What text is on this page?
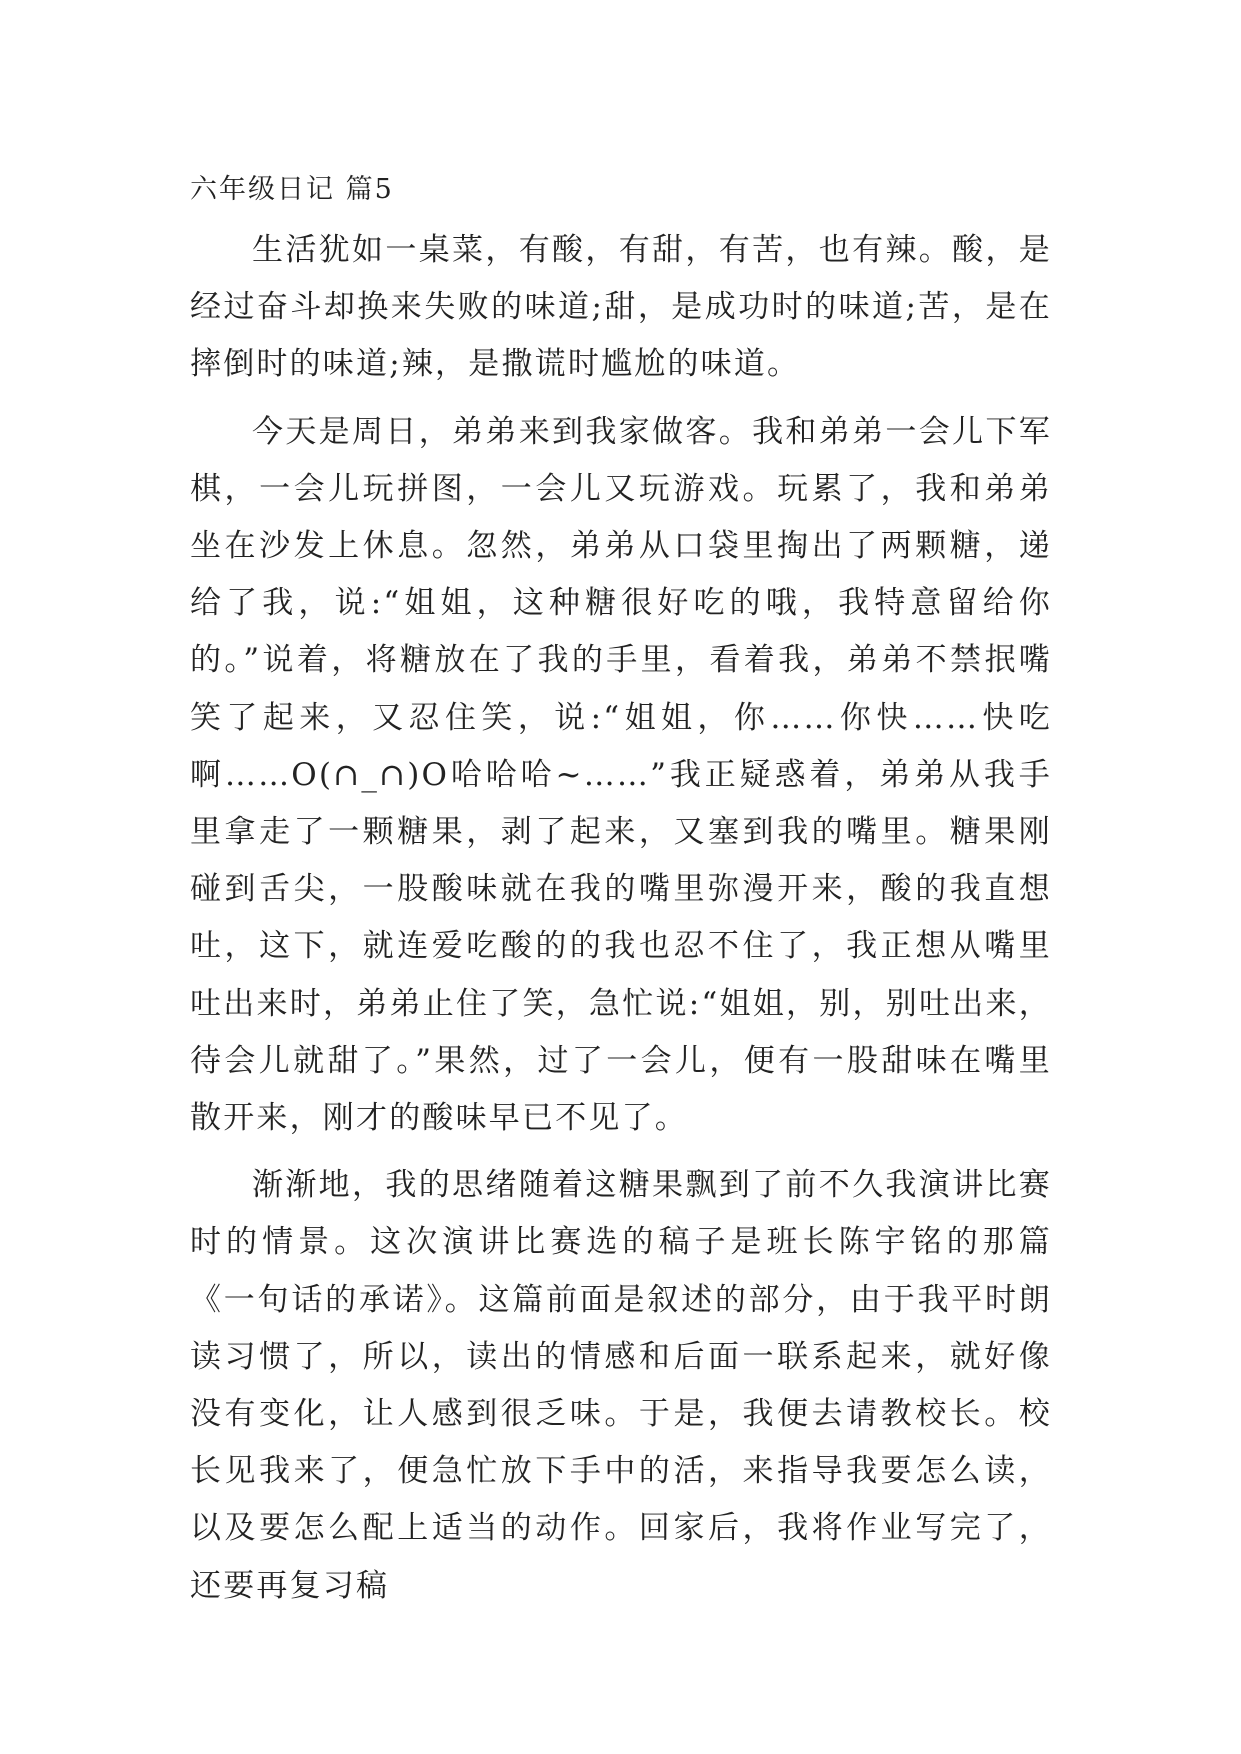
六年级日记 篇5

生活犹如一桌菜，有酸，有甜，有苦，也有辣。酸，是经过奋斗却换来失败的味道;甜，是成功时的味道;苦，是在摔倒时的味道;辣，是撒谎时尴尬的味道。

今天是周日，弟弟来到我家做客。我和弟弟一会儿下军棋，一会儿玩拼图，一会儿又玩游戏。玩累了，我和弟弟坐在沙发上休息。忽然，弟弟从口袋里掏出了两颗糖，递给了我，说:“姐姐，这种糖很好吃的哦，我特意留给你的。”说着，将糖放在了我的手里，看着我，弟弟不禁抿嘴笑了起来，又忍住笑，说:“姐姐，你……你快……快吃啊……O(∩_∩)O哈哈哈~……”我正疑惑着，弟弟从我手里拿走了一颗糖果，剥了起来，又塞到我的嘴里。糖果刚碰到舌尖，一股酸味就在我的嘴里弥漫开来，酸的我直想吐，这下，就连爱吃酸的的我也忍不住了，我正想从嘴里吐出来时，弟弟止住了笑，急忙说:“姐姐，别，别吐出来，待会儿就甜了。”果然，过了一会儿，便有一股甜味在嘴里散开来，刚才的酸味早已不见了。

渐渐地，我的思绪随着这糖果飘到了前不久我演讲比赛时的情景。这次演讲比赛选的稿子是班长陈宇铭的那篇《一句话的承诺》。这篇前面是叙述的部分，由于我平时朗读习惯了，所以，读出的情感和后面一联系起来，就好像没有变化，让人感到很乏味。于是，我便去请教校长。校长见我来了，便急忙放下手中的活，来指导我要怎么读，以及要怎么配上适当的动作。回家后，我将作业写完了，还要再复习稿
